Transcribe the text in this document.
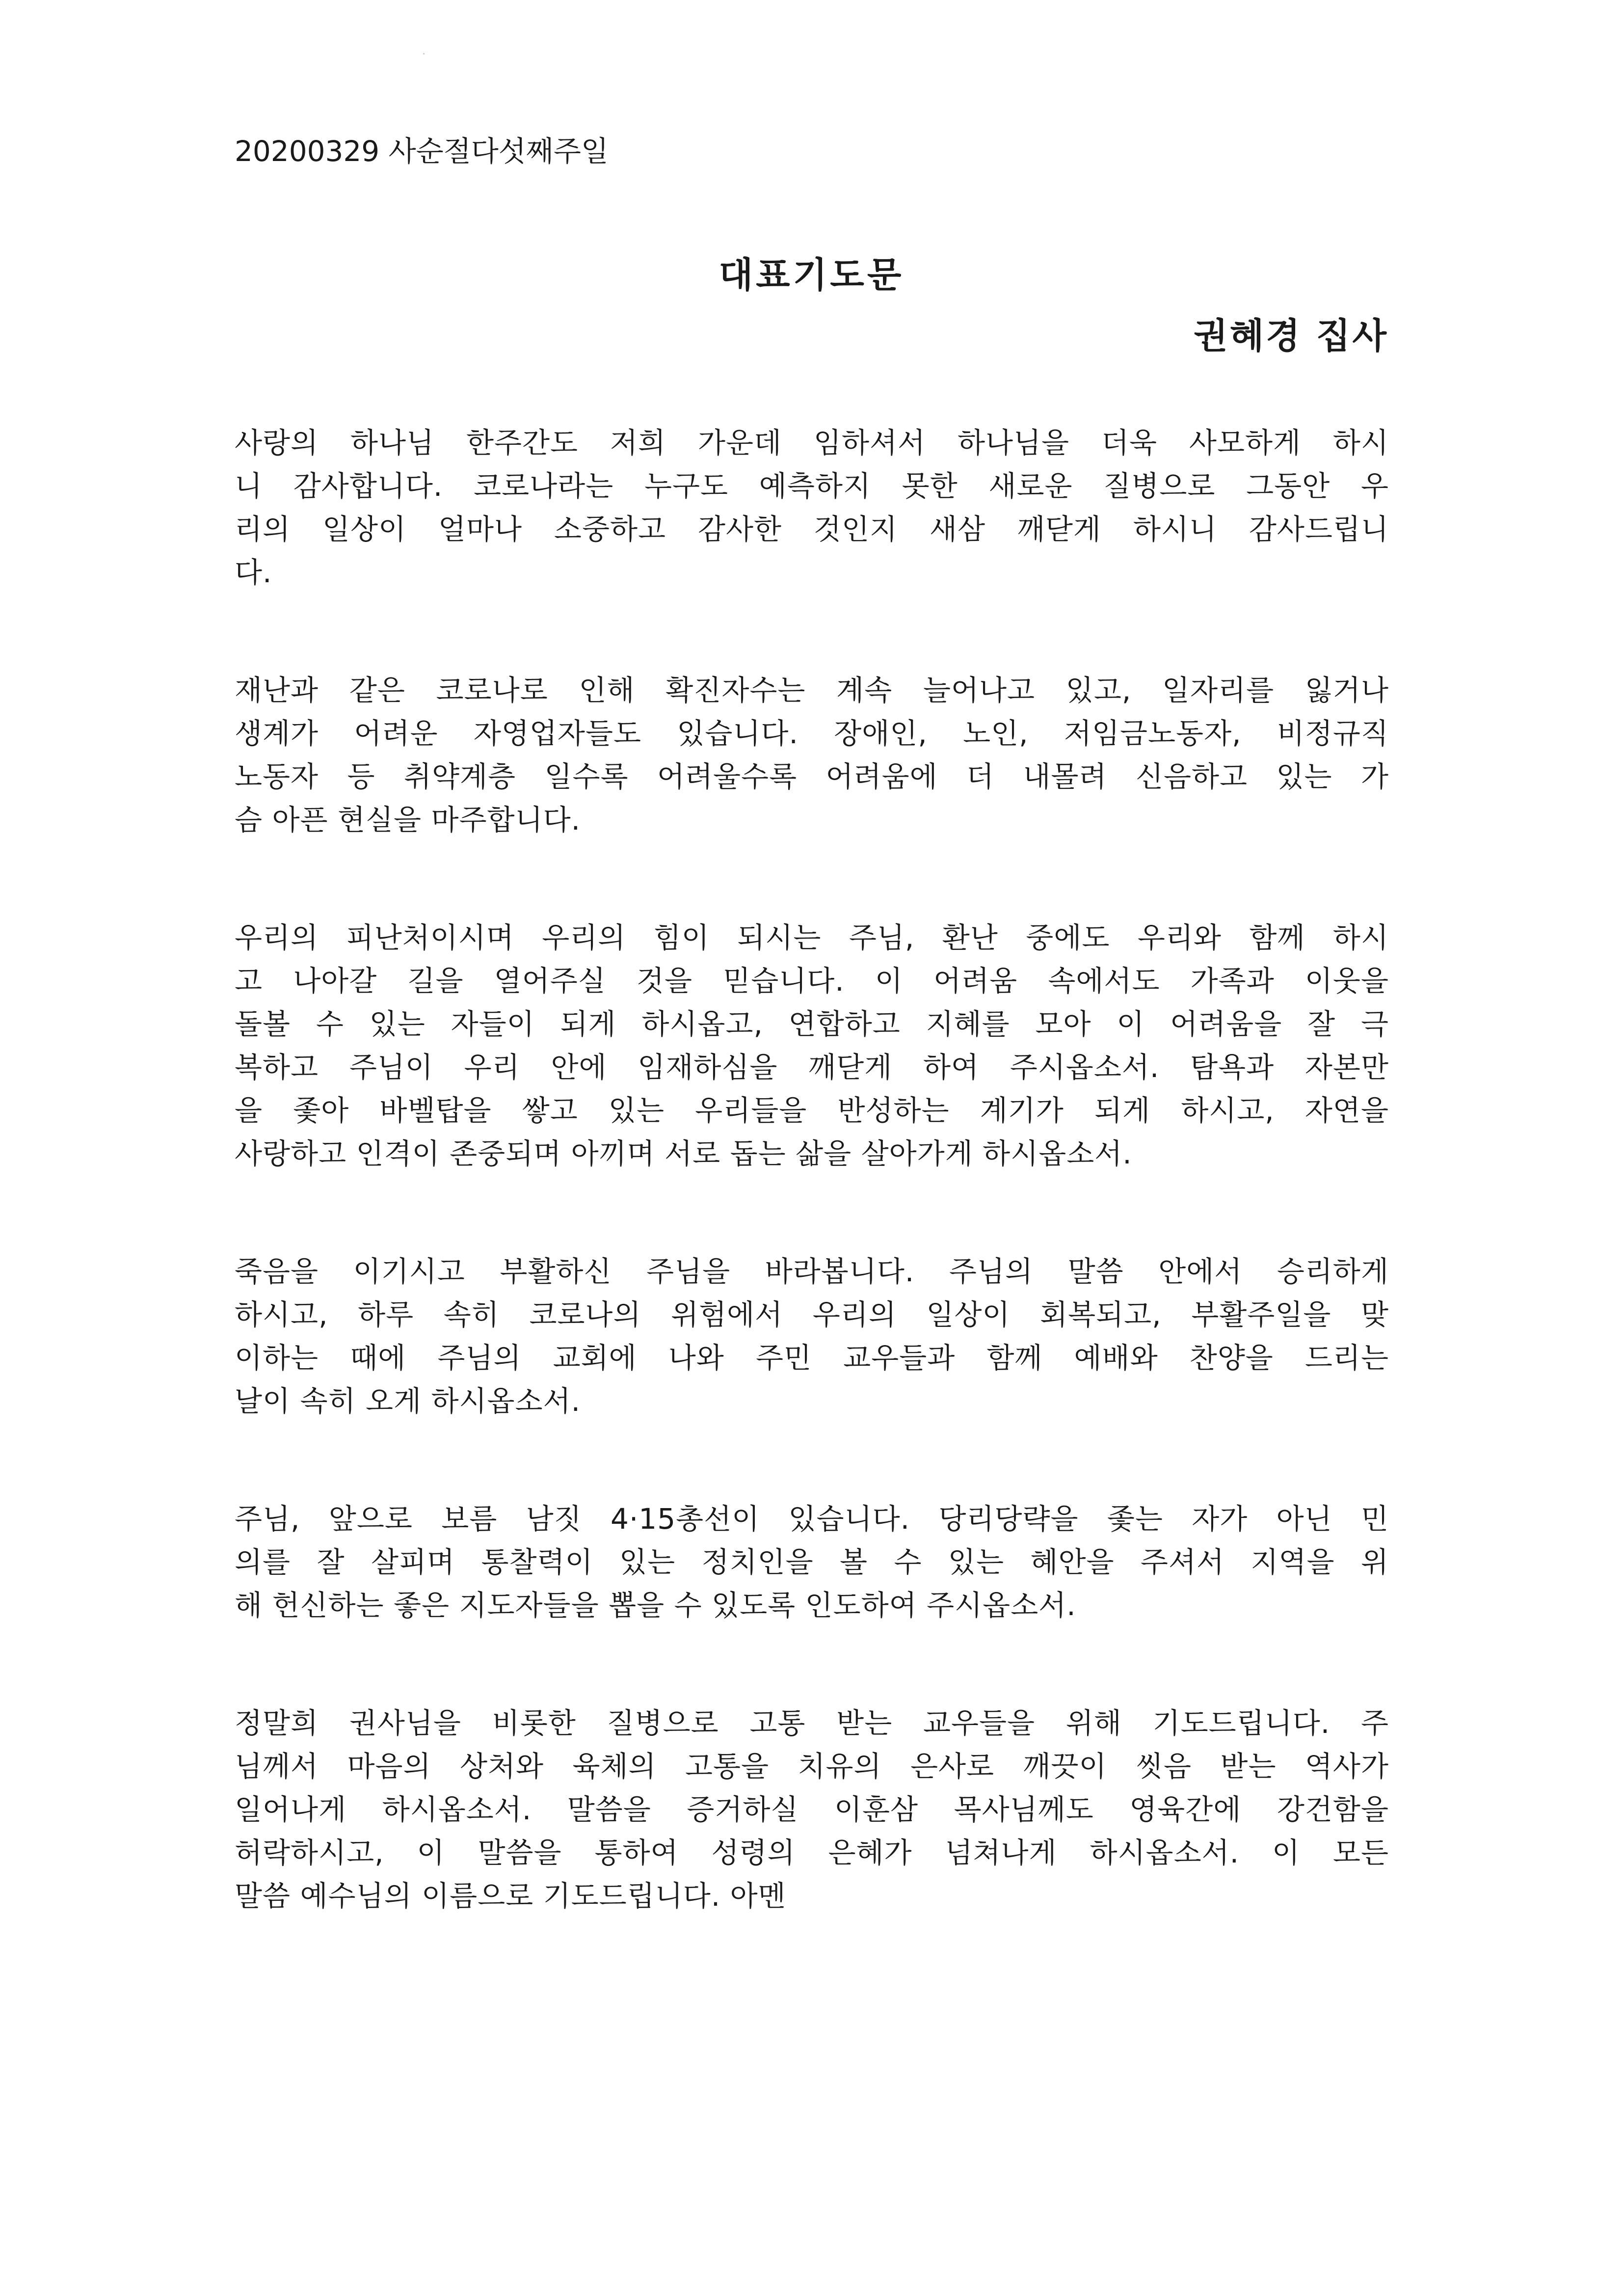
20200329 사순절다섯째주일
대표기도문
권혜경 집사
사랑의 하나님 한주간도 저희 가운데 임하셔서 하나님을 더욱 사모하게 하시
니 감사합니다. 코로나라는 누구도 예측하지 못한 새로운 질병으로 그동안 우
리의 일상이 얼마나 소중하고 감사한 것인지 새삼 깨닫게 하시니 감사드립니
다.
재난과 같은 코로나로 인해 확진자수는 계속 늘어나고 있고, 일자리를 잃거나
생계가 어려운 자영업자들도 있습니다. 장애인, 노인, 저임금노동자, 비정규직
노동자 등 취약계층 일수록 어려울수록 어려움에 더 내몰려 신음하고 있는 가
슴 아픈 현실을 마주합니다.
우리의 피난처이시며 우리의 힘이 되시는 주님, 환난 중에도 우리와 함께 하시
고 나아갈 길을 열어주실 것을 믿습니다. 이 어려움 속에서도 가족과 이웃을
돌볼 수 있는 자들이 되게 하시옵고, 연합하고 지혜를 모아 이 어려움을 잘 극
복하고 주님이 우리 안에 임재하심을 깨닫게 하여 주시옵소서. 탐욕과 자본만
을 좇아 바벨탑을 쌓고 있는 우리들을 반성하는 계기가 되게 하시고, 자연을
사랑하고 인격이 존중되며 아끼며 서로 돕는 삶을 살아가게 하시옵소서.
죽음을 이기시고 부활하신 주님을 바라봅니다. 주님의 말씀 안에서 승리하게
하시고, 하루 속히 코로나의 위험에서 우리의 일상이 회복되고, 부활주일을 맞
이하는 때에 주님의 교회에 나와 주민 교우들과 함께 예배와 찬양을 드리는
날이 속히 오게 하시옵소서.
주님, 앞으로 보름 남짓 4·15총선이 있습니다. 당리당략을 좇는 자가 아닌 민
의를 잘 살피며 통찰력이 있는 정치인을 볼 수 있는 혜안을 주셔서 지역을 위
해 헌신하는 좋은 지도자들을 뽑을 수 있도록 인도하여 주시옵소서.
정말희 권사님을 비롯한 질병으로 고통 받는 교우들을 위해 기도드립니다. 주
님께서 마음의 상처와 육체의 고통을 치유의 은사로 깨끗이 씻음 받는 역사가
일어나게 하시옵소서. 말씀을 증거하실 이훈삼 목사님께도 영육간에 강건함을
허락하시고, 이 말씀을 통하여 성령의 은혜가 넘쳐나게 하시옵소서. 이 모든
말씀 예수님의 이름으로 기도드립니다. 아멘
